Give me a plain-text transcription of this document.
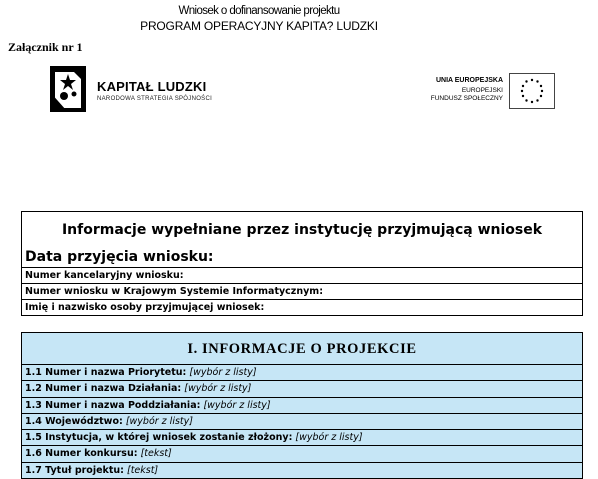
Wniosek o dofinansowanie projektu
PROGRAM OPERACYJNY KAPITA? LUDZKI
Załącznik nr 1
KAPITAŁ LUDZKI
NARODOWA STRATEGIA SPÓJNOŚCI
UNIA EUROPEJSKA
EUROPEJSKI
FUNDUSZ SPOŁECZNY
Informacje wypełniane przez instytucję przyjmującą wniosek
Data przyjęcia wniosku:
Numer kancelaryjny wniosku:
Numer wniosku w Krajowym Systemie Informatycznym:
Imię i nazwisko osoby przyjmującej wniosek:
I. INFORMACJE O PROJEKCIE
1.1 Numer i nazwa Priorytetu: [wybór z listy]
1.2 Numer i nazwa Działania: [wybór z listy]
1.3 Numer i nazwa Poddziałania: [wybór z listy]
1.4 Województwo: [wybór z listy]
1.5 Instytucja, w której wniosek zostanie złożony: [wybór z listy]
1.6 Numer konkursu: [tekst]
1.7 Tytuł projektu: [tekst]
